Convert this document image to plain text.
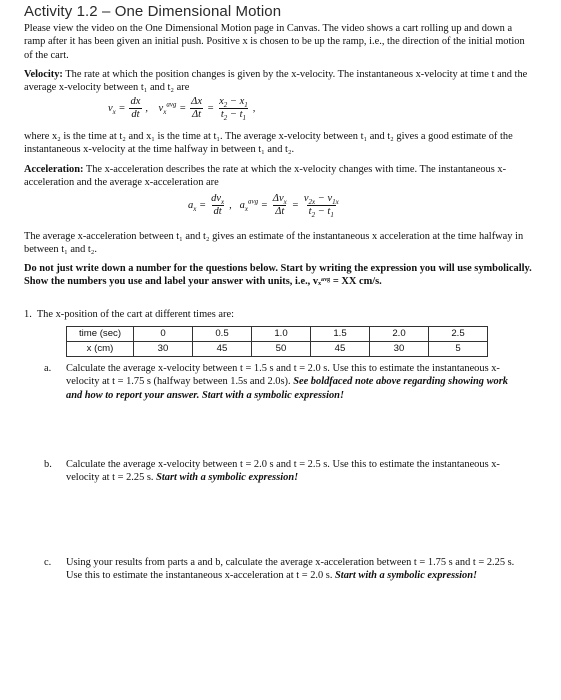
Activity 1.2 – One Dimensional Motion
Please view the video on the One Dimensional Motion page in Canvas. The video shows a cart rolling up and down a ramp after it has been given an initial push. Positive x is chosen to be up the ramp, i.e., the direction of the initial motion of the cart.
Velocity: The rate at which the position changes is given by the x-velocity. The instantaneous x-velocity at time t and the average x-velocity between t₁ and t₂ are
$v_x = \frac{dx}{dt}$ ,    $v_x^{avg} = \frac{\Delta x}{\Delta t} = \frac{x_2 - x_1}{t_2 - t_1}$ ,
where x₂ is the time at t₂ and x₁ is the time at t₁. The average x-velocity between t₁ and t₂ gives a good estimate of the instantaneous x-velocity at the time halfway in between t₁ and t₂.
Acceleration: The x-acceleration describes the rate at which the x-velocity changes with time. The instantaneous x-acceleration and the average x-acceleration are
$a_x = \frac{dv_x}{dt}$ ,   $a_x^{avg} = \frac{\Delta v_x}{\Delta t} = \frac{v_{2x} - v_{1x}}{t_2 - t_1}$
The average x-acceleration between t₁ and t₂ gives an estimate of the instantaneous x acceleration at the time halfway in between t₁ and t₂.
Do not just write down a number for the questions below. Start by writing the expression you will use symbolically. Show the numbers you use and label your answer with units, i.e., vₓᵃᵛᵍ = XX cm/s.
1. The x-position of the cart at different times are:
time (sec)	0	0.5	1.0	1.5	2.0	2.5
x (cm)	30	45	50	45	30	5
a. Calculate the average x-velocity between t = 1.5 s and t = 2.0 s. Use this to estimate the instantaneous x-velocity at t = 1.75 s (halfway between 1.5s and 2.0s). See boldfaced note above regarding showing work and how to report your answer. Start with a symbolic expression!
b. Calculate the average x-velocity between t = 2.0 s and t = 2.5 s. Use this to estimate the instantaneous x-velocity at t = 2.25 s. Start with a symbolic expression!
c. Using your results from parts a and b, calculate the average x-acceleration between t = 1.75 s and t = 2.25 s. Use this to estimate the instantaneous x-acceleration at t = 2.0 s. Start with a symbolic expression!
